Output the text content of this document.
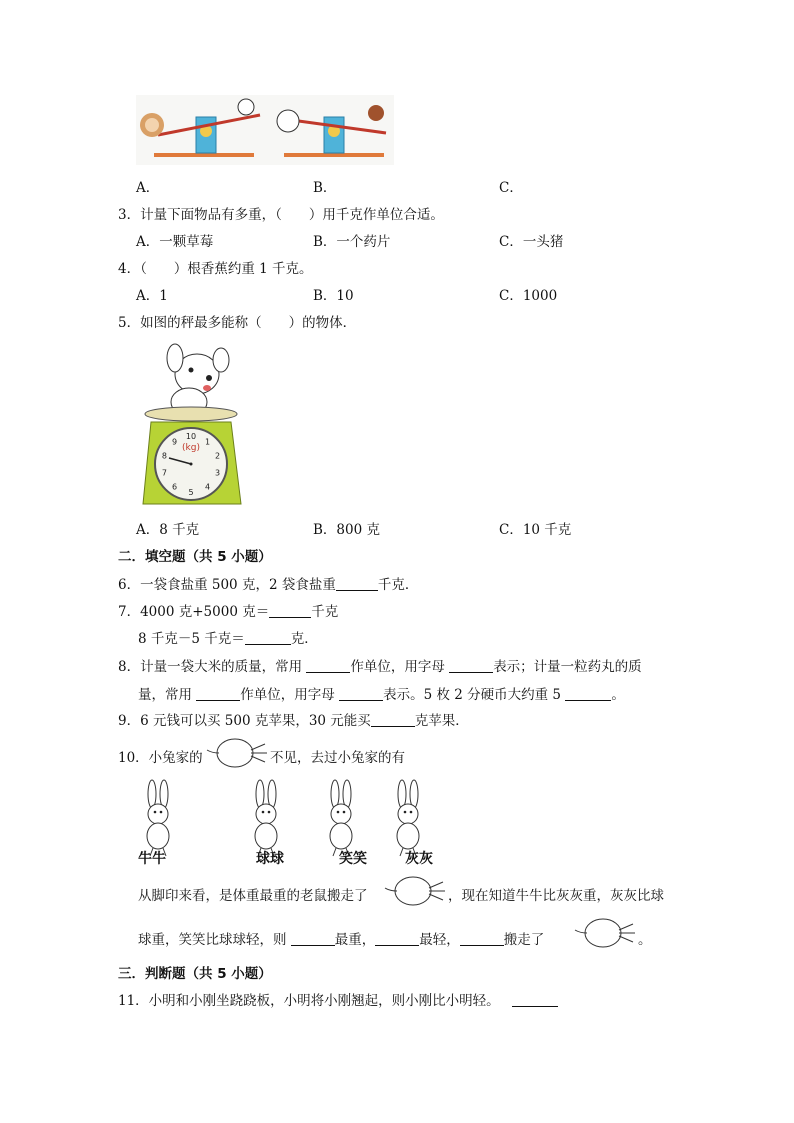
A．	B．	C．
3．计量下面物品有多重，（　　）用千克作单位合适。
A．一颗草莓	B．一个药片	C．一头猪
4．（　　）根香蕉约重 1 千克。
A．1	B．10	C．1000
5．如图的秤最多能称（　　）的物体．
(kg)
10
1
2
3
4
5
6
7
8
9
A．8 千克	B．800 克	C．10 千克
二．填空题（共 5 小题）
6．一袋食盐重 500 克，2 袋食盐重	千克．
7．4000 克+5000 克＝	千克
8 千克－5 千克＝	克．
8．计量一袋大米的质量，常用	作单位，用字母	表示；计量一粒药丸的质
量，常用	作单位，用字母	表示。5 枚 2 分硬币大约重 5	。
9．6 元钱可以买 500 克苹果，30 元能买	克苹果．
10．小兔家的	不见，去过小兔家的有
牛牛	球球	笑笑	灰灰
从脚印来看，是体重最重的老鼠搬走了	，现在知道牛牛比灰灰重，灰灰比球
球重，笑笑比球球轻，则	最重，	最轻，	搬走了	。
三．判断题（共 5 小题）
11．小明和小刚坐跷跷板，小明将小刚翘起，则小刚比小明轻。
